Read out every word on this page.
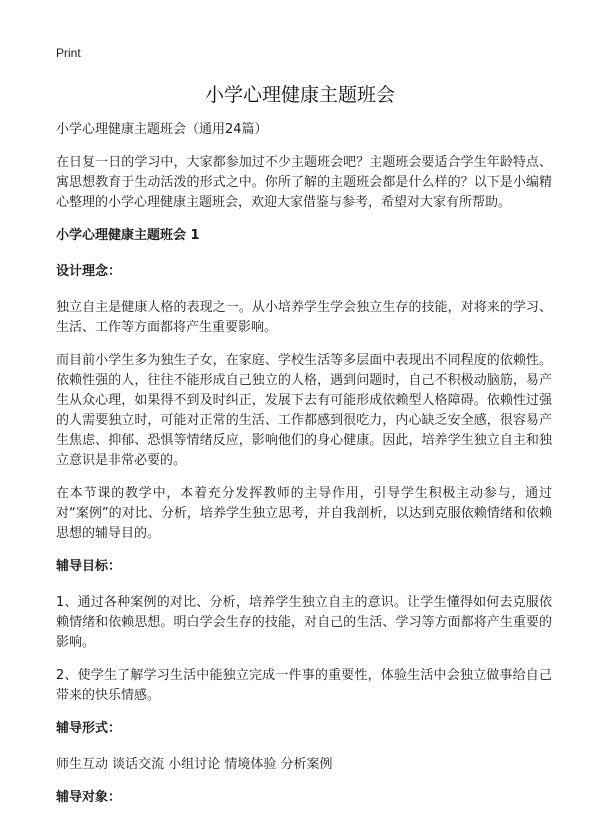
Print
小学心理健康主题班会

小学心理健康主题班会（通用24篇）

在日复一日的学习中，大家都参加过不少主题班会吧？主题班会要适合学生年龄特点、寓思想教育于生动活泼的形式之中。你所了解的主题班会都是什么样的？以下是小编精心整理的小学心理健康主题班会，欢迎大家借鉴与参考，希望对大家有所帮助。

小学心理健康主题班会 1
设计理念：

独立自主是健康人格的表现之一。从小培养学生学会独立生存的技能，对将来的学习、生活、工作等方面都将产生重要影响。

而目前小学生多为独生子女，在家庭、学校生活等多层面中表现出不同程度的依赖性。依赖性强的人，往往不能形成自己独立的人格，遇到问题时，自己不积极动脑筋，易产生从众心理，如果得不到及时纠正，发展下去有可能形成依赖型人格障碍。依赖性过强的人需要独立时，可能对正常的生活、工作都感到很吃力，内心缺乏安全感，很容易产生焦虑、抑郁、恐惧等情绪反应，影响他们的身心健康。因此，培养学生独立自主和独立意识是非常必要的。

在本节课的教学中，本着充分发挥教师的主导作用，引导学生积极主动参与，通过对“案例”的对比、分析，培养学生独立思考，并自我剖析，以达到克服依赖情绪和依赖思想的辅导目的。

辅导目标：

1、通过各种案例的对比、分析，培养学生独立自主的意识。让学生懂得如何去克服依赖情绪和依赖思想。明白学会生存的技能，对自己的生活、学习等方面都将产生重要的影响。

2、使学生了解学习生活中能独立完成一件事的重要性，体验生活中会独立做事给自己带来的快乐情感。

辅导形式：

师生互动 谈话交流 小组讨论 情境体验 分析案例

辅导对象：
